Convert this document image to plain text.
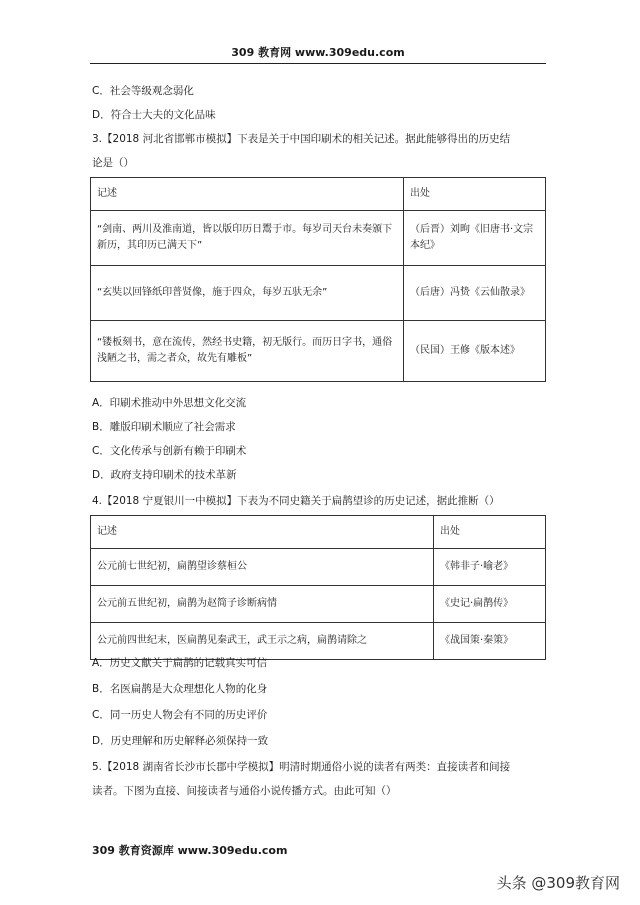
309 教育网 www.309edu.com
C．社会等级观念弱化
D．符合士大夫的文化品味
3.【2018 河北省邯郸市模拟】下表是关于中国印刷术的相关记述。据此能够得出的历史结
论是（）
记述	出处
“剑南、两川及淮南道，皆以版印历日鬻于市。每岁司天台未奏颁下新历，其印历已满天下”	（后晋）刘昫《旧唐书·文宗本纪》
“玄奘以回锋纸印普贤像，施于四众，每岁五驮无余”	（后唐）冯贽《云仙散录》
“镂板刻书，意在流传，然经书史籍，初无版行。而历日字书，通俗浅陋之书，需之者众，故先有雕板”	（民国）王修《版本述》
A．印刷术推动中外思想文化交流
B．雕版印刷术顺应了社会需求
C．文化传承与创新有赖于印刷术
D．政府支持印刷术的技术革新
4.【2018 宁夏银川一中模拟】下表为不同史籍关于扁鹊望诊的历史记述，据此推断（）
记述	出处
公元前七世纪初，扁鹊望诊蔡桓公	《韩非子·喻老》
公元前五世纪初，扁鹊为赵简子诊断病情	《史记·扁鹊传》
公元前四世纪末，医扁鹊见秦武王，武王示之病，扁鹊请除之	《战国策·秦策》
A．历史文献关于扁鹊的记载真实可信
B．名医扁鹊是大众理想化人物的化身
C．同一历史人物会有不同的历史评价
D．历史理解和历史解释必须保持一致
5.【2018 湖南省长沙市长郡中学模拟】明清时期通俗小说的读者有两类：直接读者和间接
读者。下图为直接、间接读者与通俗小说传播方式。由此可知（）
309 教育资源库 www.309edu.com
头条 @309教育网
